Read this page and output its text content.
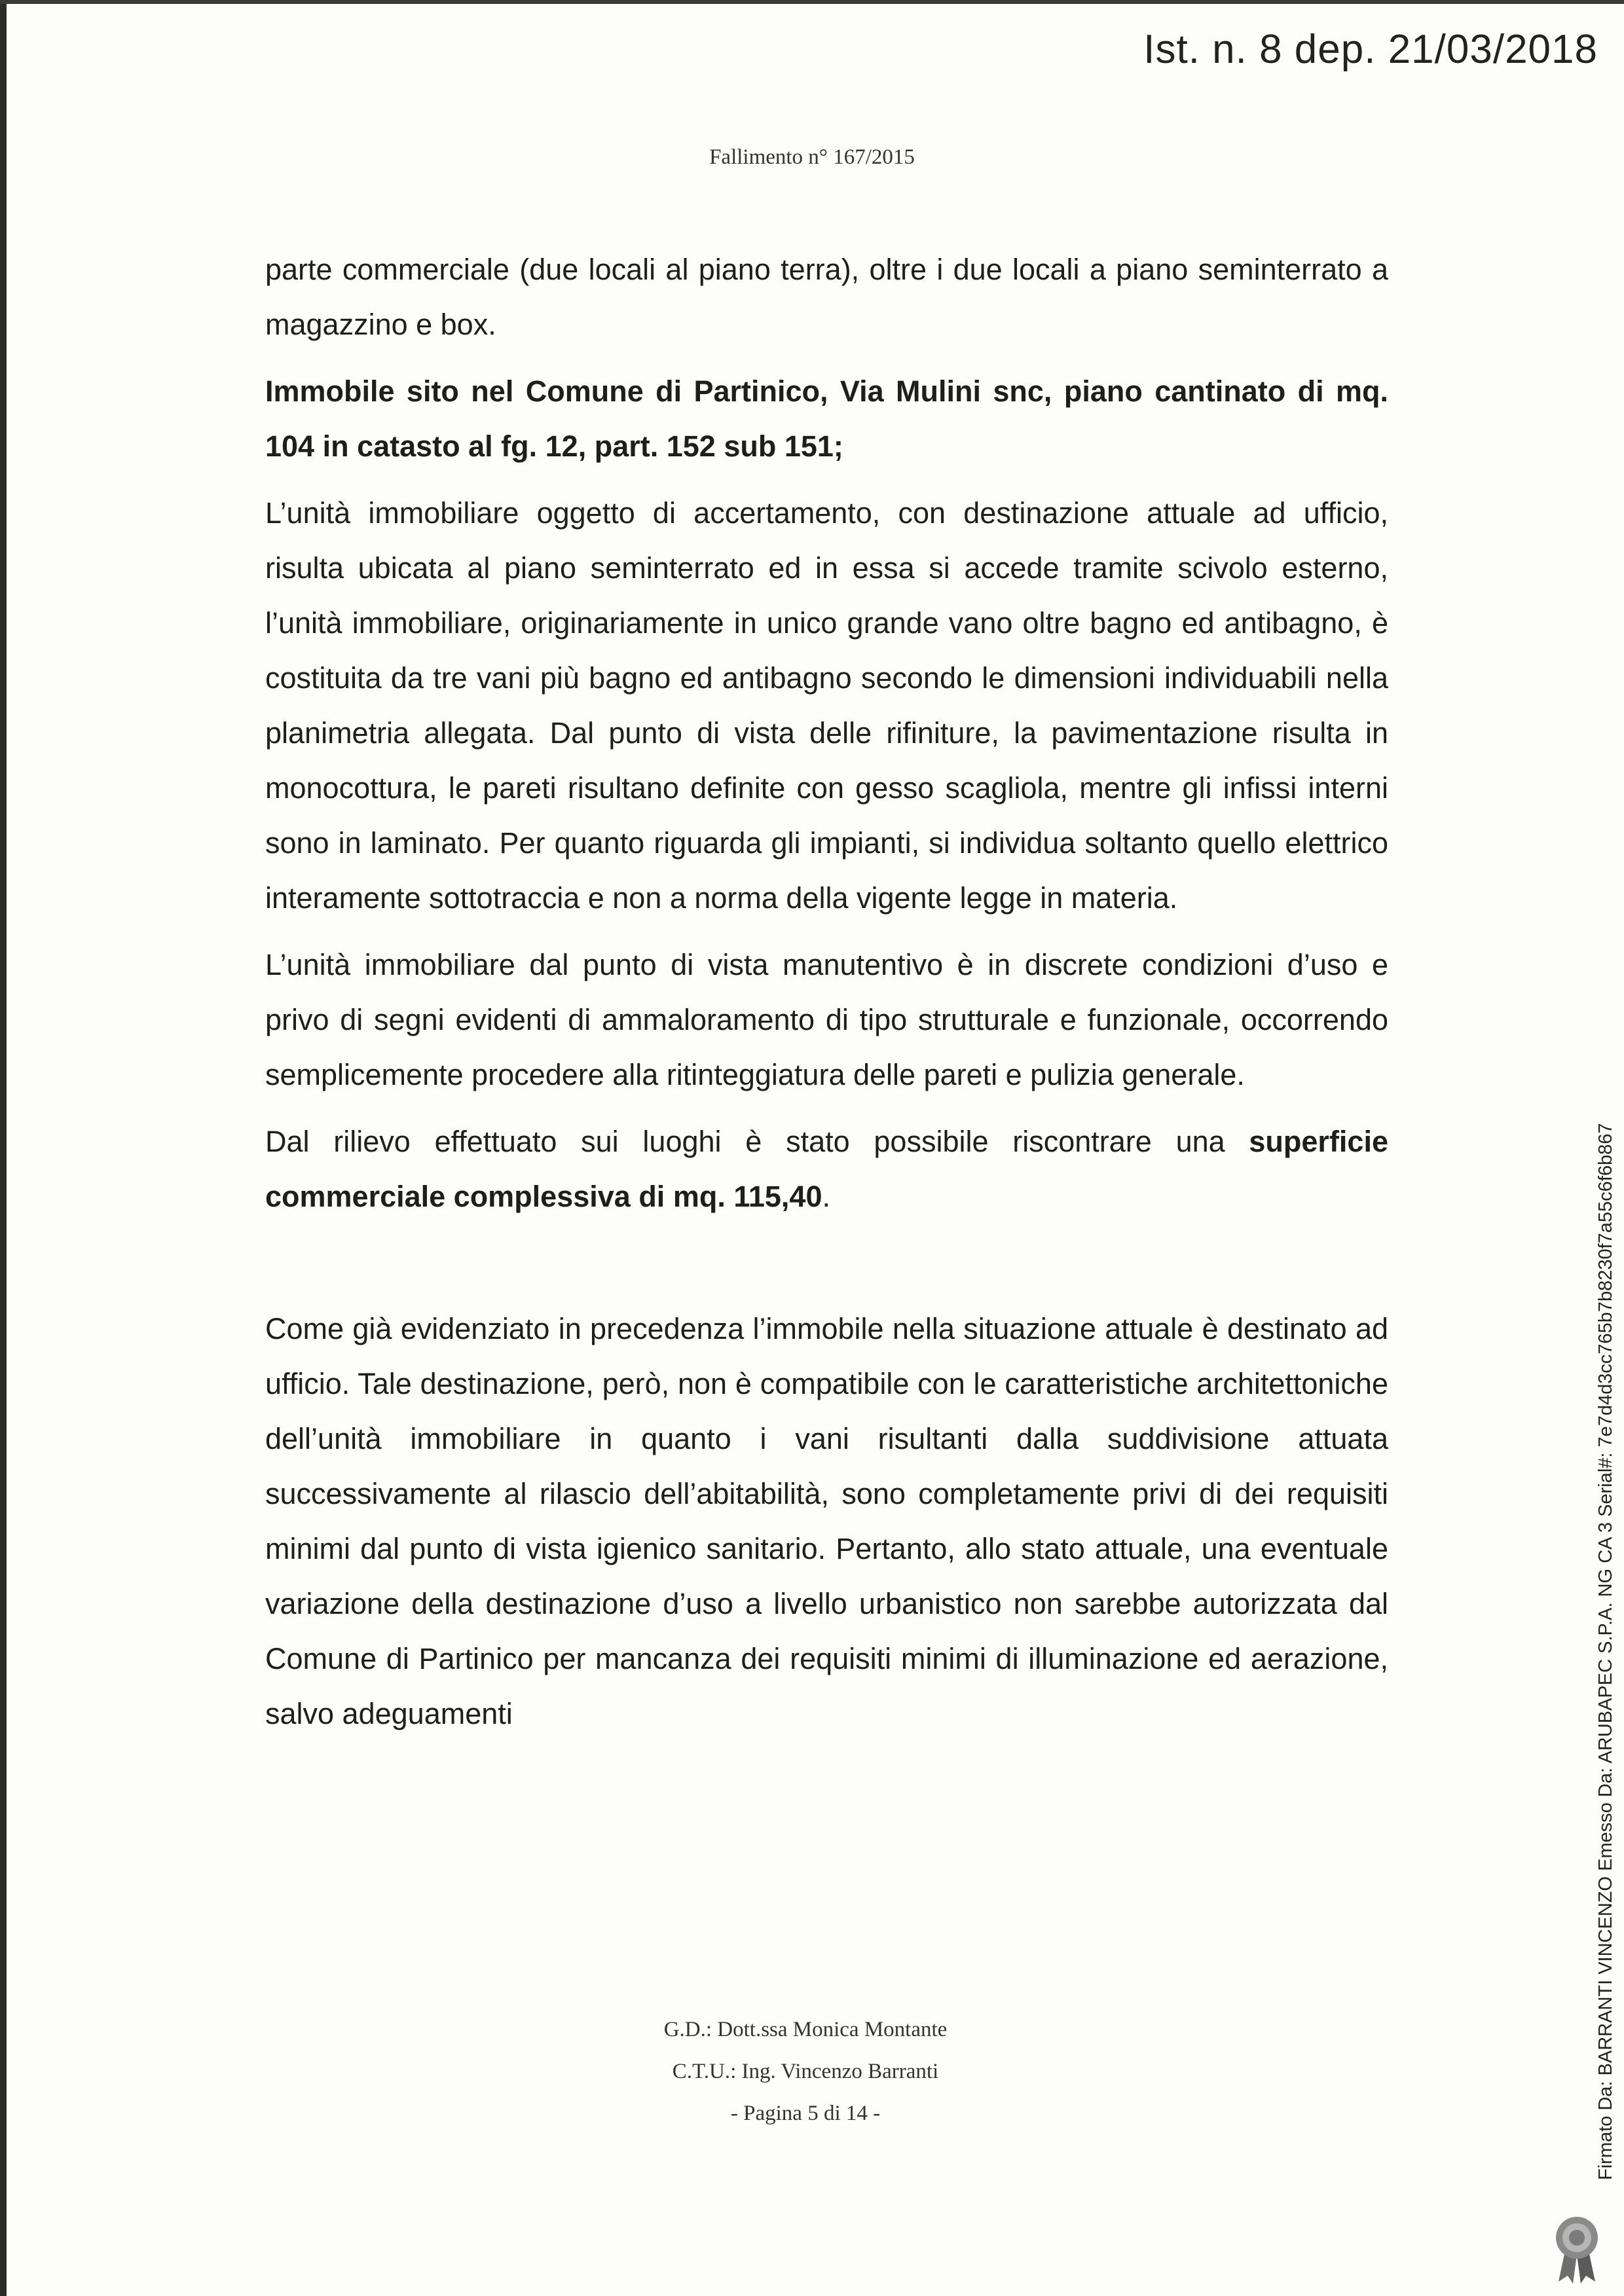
Ist. n. 8 dep. 21/03/2018
Fallimento n° 167/2015

parte commerciale (due locali al piano terra), oltre i due locali a piano seminterrato a magazzino e box.

Immobile sito nel Comune di Partinico, Via Mulini snc, piano cantinato di mq. 104 in catasto al fg. 12, part. 152 sub 151;

L’unità immobiliare oggetto di accertamento, con destinazione attuale ad ufficio, risulta ubicata al piano seminterrato ed in essa si accede tramite scivolo esterno, l’unità immobiliare, originariamente in unico grande vano oltre bagno ed antibagno, è costituita da tre vani più bagno ed antibagno secondo le dimensioni individuabili nella planimetria allegata. Dal punto di vista delle rifiniture, la pavimentazione risulta in monocottura, le pareti risultano definite con gesso scagliola, mentre gli infissi interni sono in laminato. Per quanto riguarda gli impianti, si individua soltanto quello elettrico interamente sottotraccia e non a norma della vigente legge in materia.

L’unità immobiliare dal punto di vista manutentivo è in discrete condizioni d’uso e privo di segni evidenti di ammaloramento di tipo strutturale e funzionale, occorrendo semplicemente procedere alla ritinteggiatura delle pareti e pulizia generale.

Dal rilievo effettuato sui luoghi è stato possibile riscontrare una superficie commerciale complessiva di mq. 115,40.

Come già evidenziato in precedenza l’immobile nella situazione attuale è destinato ad ufficio. Tale destinazione, però, non è compatibile con le caratteristiche architettoniche dell’unità immobiliare in quanto i vani risultanti dalla suddivisione attuata successivamente al rilascio dell’abitabilità, sono completamente privi di dei requisiti minimi dal punto di vista igienico sanitario. Pertanto, allo stato attuale, una eventuale variazione della destinazione d’uso a livello urbanistico non sarebbe autorizzata dal Comune di Partinico per mancanza dei requisiti minimi di illuminazione ed aerazione, salvo adeguamenti

G.D.: Dott.ssa Monica Montante
C.T.U.: Ing. Vincenzo Barranti
- Pagina 5 di 14 -	Firmato Da: BARRANTI VINCENZO Emesso Da: ARUBAPEC S.P.A. NG CA 3 Serial#: 7e7d4d3cc765b7b8230f7a55c6f6b867
